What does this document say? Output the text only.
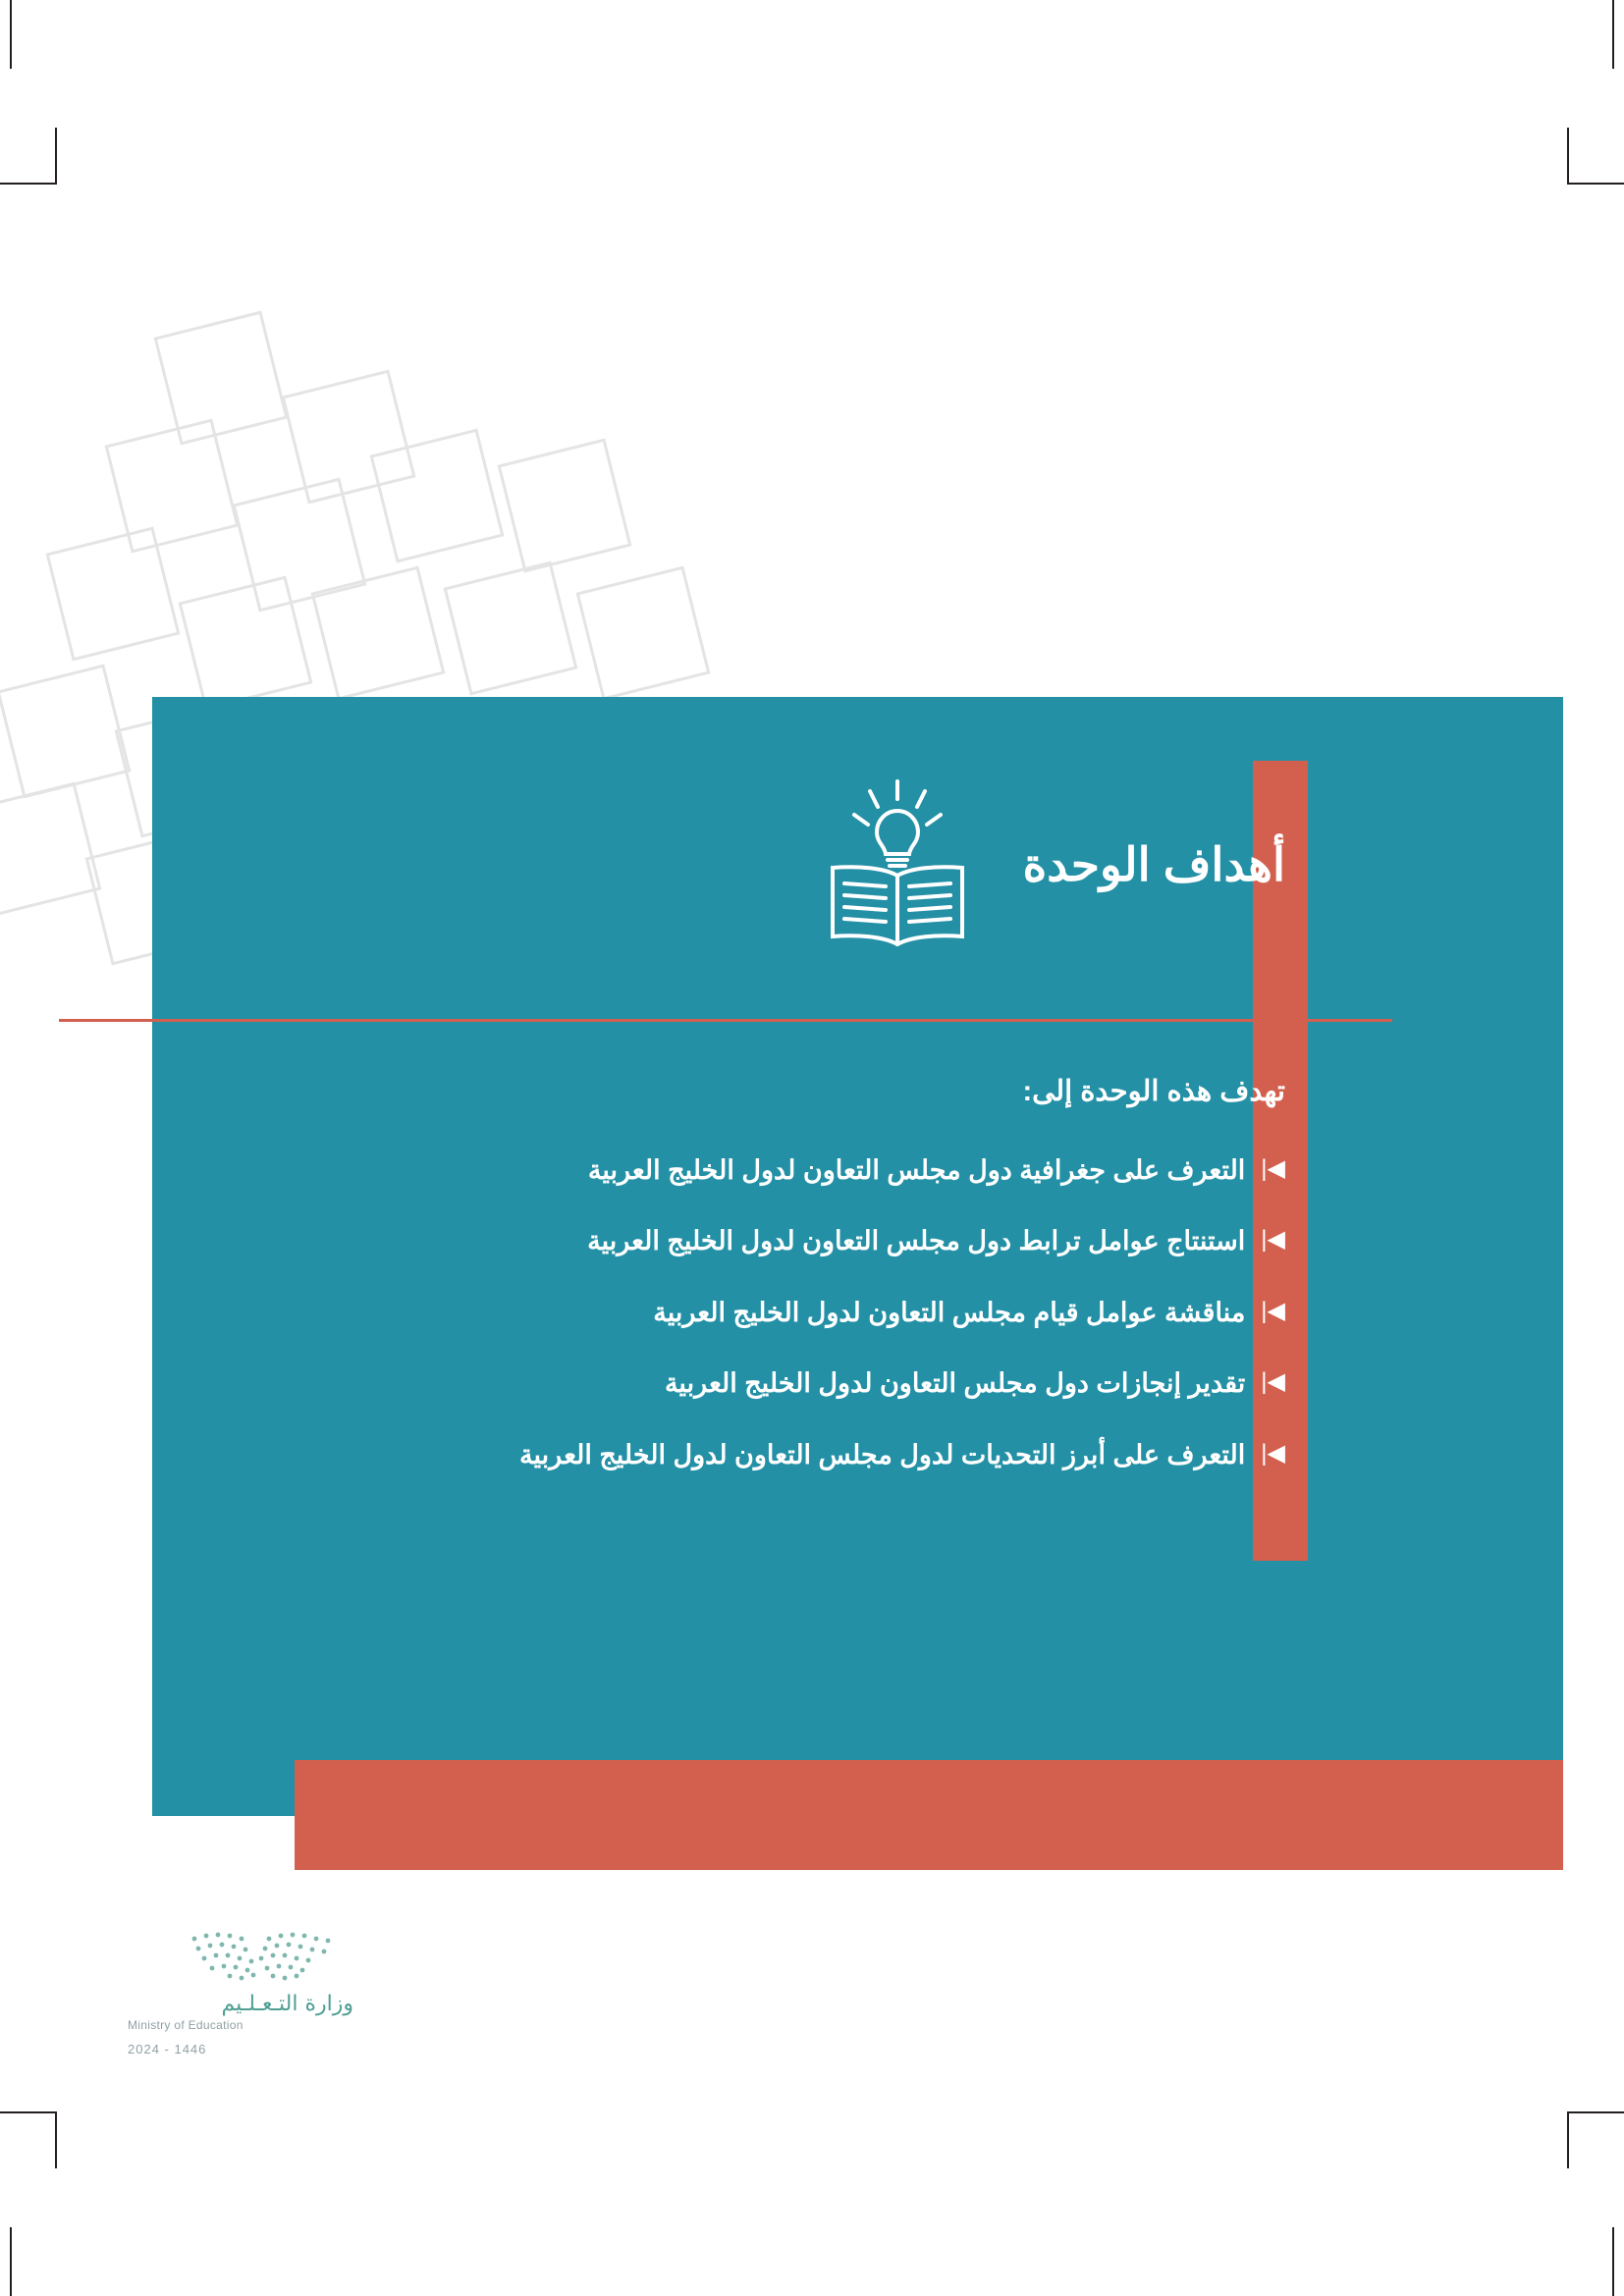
أهداف الوحدة

تهدف هذه الوحدة إلى:

◀|
التعرف على جغرافية دول مجلس التعاون لدول الخليج العربية
◀|
استنتاج عوامل ترابط دول مجلس التعاون لدول الخليج العربية
◀|
مناقشة عوامل قيام مجلس التعاون لدول الخليج العربية
◀|
تقدير إنجازات دول مجلس التعاون لدول الخليج العربية
◀|
التعرف على أبرز التحديات لدول مجلس التعاون لدول الخليج العربية
وزارة التـعـلـيم
Ministry of Education
2024 - 1446
